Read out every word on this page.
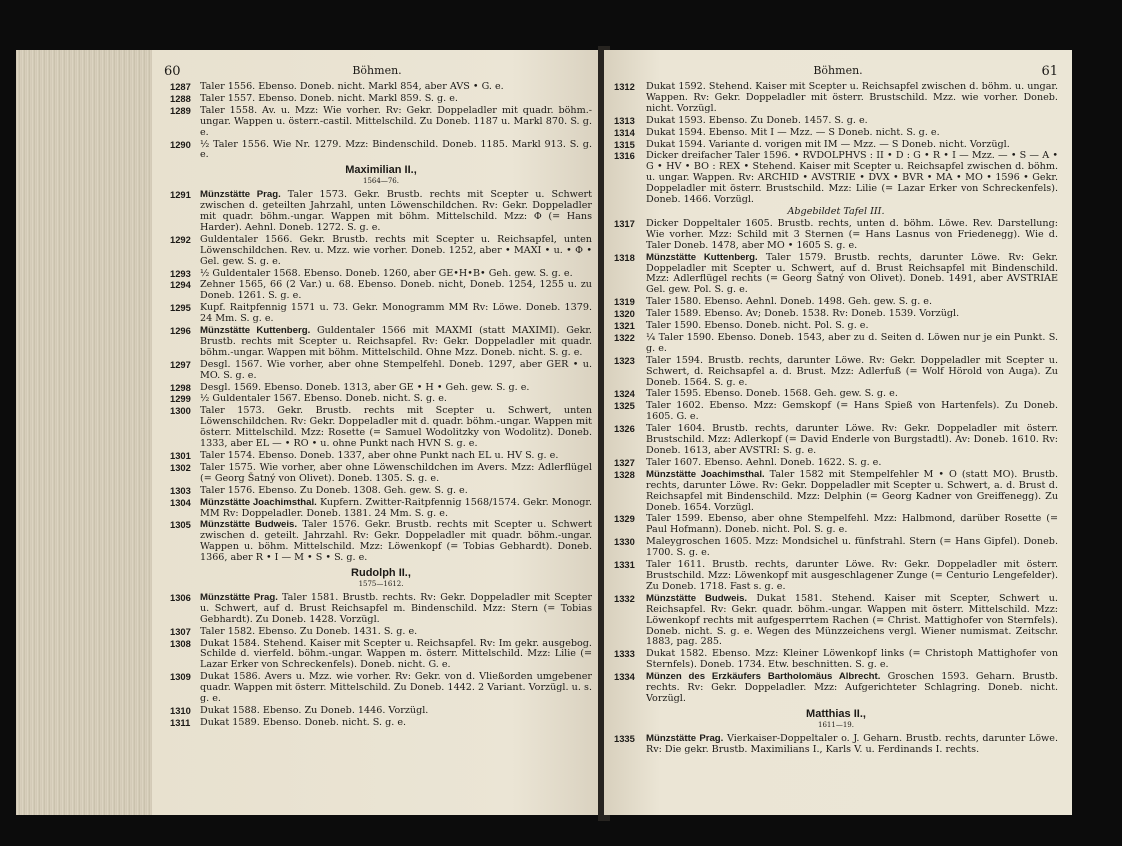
60	Böhmen.
1287 Taler 1556. Ebenso. Doneb. nicht. Markl 854, aber AVS • G. e.
1288 Taler 1557. Ebenso. Doneb. nicht. Markl 859. S. g. e.
1289 Taler 1558. Av. u. Mzz: Wie vorher. Rv: Gekr. Doppeladler mit quadr. böhm.-ungar. Wappen u. österr.-castil. Mittelschild. Zu Doneb. 1187 u. Markl 870. S. g. e.
1290 ½ Taler 1556. Wie Nr. 1279. Mzz: Bindenschild. Doneb. 1185. Markl 913. S. g. e.
Maximilian II.,
1564—76.
1291 Münzstätte Prag. Taler 1573. Gekr. Brustb. rechts mit Scepter u. Schwert zwischen d. geteilten Jahrzahl, unten Löwenschildchen. Rv: Gekr. Doppeladler mit quadr. böhm.-ungar. Wappen mit böhm. Mittelschild. Mzz: Φ (= Hans Harder). Aehnl. Doneb. 1272. S. g. e.
1292 Guldentaler 1566. Gekr. Brustb. rechts mit Scepter u. Reichsapfel, unten Löwenschildchen. Rev. u. Mzz. wie vorher. Doneb. 1252, aber • MAXI • u. • Φ • Gel. gew. S. g. e.
1293 ½ Guldentaler 1568. Ebenso. Doneb. 1260, aber GE•H•B• Geh. gew. S. g. e.
1294 Zehner 1565, 66 (2 Var.) u. 68. Ebenso. Doneb. nicht, Doneb. 1254, 1255 u. zu Doneb. 1261. S. g. e.
1295 Kupf. Raitpfennig 1571 u. 73. Gekr. Monogramm MM Rv: Löwe. Doneb. 1379. 24 Mm. S. g. e.
1296 Münzstätte Kuttenberg. Guldentaler 1566 mit MAXMI (statt MAXIMI). Gekr. Brustb. rechts mit Scepter u. Reichsapfel. Rv: Gekr. Doppeladler mit quadr. böhm.-ungar. Wappen mit böhm. Mittelschild. Ohne Mzz. Doneb. nicht. S. g. e.
1297 Desgl. 1567. Wie vorher, aber ohne Stempelfehl. Doneb. 1297, aber GER • u. MO. S. g. e.
1298 Desgl. 1569. Ebenso. Doneb. 1313, aber GE • H • Geh. gew. S. g. e.
1299 ½ Guldentaler 1567. Ebenso. Doneb. nicht. S. g. e.
1300 Taler 1573. Gekr. Brustb. rechts mit Scepter u. Schwert, unten Löwenschildchen. Rv: Gekr. Doppeladler mit d. quadr. böhm.-ungar. Wappen mit österr. Mittelschild. Mzz: Rosette (= Samuel Wodolitzky von Wodolitz). Doneb. 1333, aber EL — • RO • u. ohne Punkt nach HVN S. g. e.
1301 Taler 1574. Ebenso. Doneb. 1337, aber ohne Punkt nach EL u. HV S. g. e.
1302 Taler 1575. Wie vorher, aber ohne Löwenschildchen im Avers. Mzz: Adlerflügel (= Georg Šatný von Olivet). Doneb. 1305. S. g. e.
1303 Taler 1576. Ebenso. Zu Doneb. 1308. Geh. gew. S. g. e.
1304 Münzstätte Joachimsthal. Kupfern. Zwitter-Raitpfennig 1568/1574. Gekr. Monogr. MM Rv: Doppeladler. Doneb. 1381. 24 Mm. S. g. e.
1305 Münzstätte Budweis. Taler 1576. Gekr. Brustb. rechts mit Scepter u. Schwert zwischen d. geteilt. Jahrzahl. Rv: Gekr. Doppeladler mit quadr. böhm.-ungar. Wappen u. böhm. Mittelschild. Mzz: Löwenkopf (= Tobias Gebhardt). Doneb. 1366, aber R • I — M • S • S. g. e.
Rudolph II.,
1575—1612.
1306 Münzstätte Prag. Taler 1581. Brustb. rechts. Rv: Gekr. Doppeladler mit Scepter u. Schwert, auf d. Brust Reichsapfel m. Bindenschild. Mzz: Stern (= Tobias Gebhardt). Zu Doneb. 1428. Vorzügl.
1307 Taler 1582. Ebenso. Zu Doneb. 1431. S. g. e.
1308 Dukat 1584. Stehend. Kaiser mit Scepter u. Reichsapfel. Rv: Im gekr. ausgebog. Schilde d. vierfeld. böhm.-ungar. Wappen m. österr. Mittelschild. Mzz: Lilie (= Lazar Erker von Schreckenfels). Doneb. nicht. G. e.
1309 Dukat 1586. Avers u. Mzz. wie vorher. Rv: Gekr. von d. Vließorden umgebener quadr. Wappen mit österr. Mittelschild. Zu Doneb. 1442. 2 Variant. Vorzügl. u. s. g. e.
1310 Dukat 1588. Ebenso. Zu Doneb. 1446. Vorzügl.
1311	Dukat 1589. Ebenso. Doneb. nicht. S. g. e.
Böhmen.	61
1312	Dukat 1592. Stehend. Kaiser mit Scepter u. Reichsapfel zwischen d. böhm. u. ungar. Wappen. Rv: Gekr. Doppeladler mit österr. Brustschild. Mzz. wie vorher. Doneb. nicht. Vorzügl.
1313	Dukat 1593. Ebenso. Zu Doneb. 1457. S. g. e.
1314	Dukat 1594. Ebenso. Mit I — Mzz. — S Doneb. nicht. S. g. e.
1315	Dukat 1594. Variante d. vorigen mit IM — Mzz. — S Doneb. nicht. Vorzügl.
1316	Dicker dreifacher Taler 1596. • RVDOLPHVS : II • D : G • R • I — Mzz. — • S — A • G • HV • BO : REX • Stehend. Kaiser mit Scepter u. Reichsapfel zwischen d. böhm. u. ungar. Wappen. Rv: ARCHID • AVSTRIE • DVX • BVR • MA • MO • 1596 • Gekr. Doppeladler mit österr. Brustschild. Mzz: Lilie (= Lazar Erker von Schreckenfels). Doneb. 1466. Vorzügl.
Abgebildet Tafel III.
1317	Dicker Doppeltaler 1605. Brustb. rechts, unten d. böhm. Löwe. Rev. Darstellung: Wie vorher. Mzz: Schild mit 3 Sternen (= Hans Lasnus von Friedenegg). Wie d. Taler Doneb. 1478, aber MO • 1605 S. g. e.
1318	Münzstätte Kuttenberg. Taler 1579. Brustb. rechts, darunter Löwe. Rv: Gekr. Doppeladler mit Scepter u. Schwert, auf d. Brust Reichsapfel mit Bindenschild. Mzz: Adlerflügel rechts (= Georg Šatný von Olivet). Doneb. 1491, aber AVSTRIAE Gel. gew. Pol. S. g. e.
1319	Taler 1580. Ebenso. Aehnl. Doneb. 1498. Geh. gew. S. g. e.
1320	Taler 1589. Ebenso. Av; Doneb. 1538. Rv: Doneb. 1539. Vorzügl.
1321	Taler 1590. Ebenso. Doneb. nicht. Pol. S. g. e.
1322	¼ Taler 1590. Ebenso. Doneb. 1543, aber zu d. Seiten d. Löwen nur je ein Punkt. S. g. e.
1323	Taler 1594. Brustb. rechts, darunter Löwe. Rv: Gekr. Doppeladler mit Scepter u. Schwert, d. Reichsapfel a. d. Brust. Mzz: Adlerfuß (= Wolf Hörold von Auga). Zu Doneb. 1564. S. g. e.
1324	Taler 1595. Ebenso. Doneb. 1568. Geh. gew. S. g. e.
1325	Taler 1602. Ebenso. Mzz: Gemskopf (= Hans Spieß von Hartenfels). Zu Doneb. 1605. G. e.
1326	Taler 1604. Brustb. rechts, darunter Löwe. Rv: Gekr. Doppeladler mit österr. Brustschild. Mzz: Adlerkopf (= David Enderle von Burgstadtl). Av: Doneb. 1610. Rv: Doneb. 1613, aber AVSTRI: S. g. e.
1327	Taler 1607. Ebenso. Aehnl. Doneb. 1622. S. g. e.
1328	Münzstätte Joachimsthal. Taler 1582 mit Stempelfehler M • O (statt MO). Brustb. rechts, darunter Löwe. Rv: Gekr. Doppeladler mit Scepter u. Schwert, a. d. Brust d. Reichsapfel mit Bindenschild. Mzz: Delphin (= Georg Kadner von Greiffenegg). Zu Doneb. 1654. Vorzügl.
1329	Taler 1599. Ebenso, aber ohne Stempelfehl. Mzz: Halbmond, darüber Rosette (= Paul Hofmann). Doneb. nicht. Pol. S. g. e.
1330	Maleygroschen 1605. Mzz: Mondsichel u. fünfstrahl. Stern (= Hans Gipfel). Doneb. 1700. S. g. e.
1331	Taler 1611. Brustb. rechts, darunter Löwe. Rv: Gekr. Doppeladler mit österr. Brustschild. Mzz: Löwenkopf mit ausgeschlagener Zunge (= Centurio Lengefelder). Zu Doneb. 1718. Fast s. g. e.
1332	Münzstätte Budweis. Dukat 1581. Stehend. Kaiser mit Scepter, Schwert u. Reichsapfel. Rv: Gekr. quadr. böhm.-ungar. Wappen mit österr. Mittelschild. Mzz: Löwenkopf rechts mit aufgesperrtem Rachen (= Christ. Mattighofer von Sternfels). Doneb. nicht. S. g. e. Wegen des Münzzeichens vergl. Wiener numismat. Zeitschr. 1883, pag. 285.
1333	Dukat 1582. Ebenso. Mzz: Kleiner Löwenkopf links (= Christoph Mattighofer von Sternfels). Doneb. 1734. Etw. beschnitten. S. g. e.
1334	Münzen des Erzkäufers Bartholomäus Albrecht. Groschen 1593. Geharn. Brustb. rechts. Rv: Gekr. Doppeladler. Mzz: Aufgerichteter Schlagring. Doneb. nicht. Vorzügl.
Matthias II.,
1611—19.
1335	Münzstätte Prag. Vierkaiser-Doppeltaler o. J. Geharn. Brustb. rechts, darunter Löwe. Rv: Die gekr. Brustb. Maximilians I., Karls V. u. Ferdinands I. rechts.
